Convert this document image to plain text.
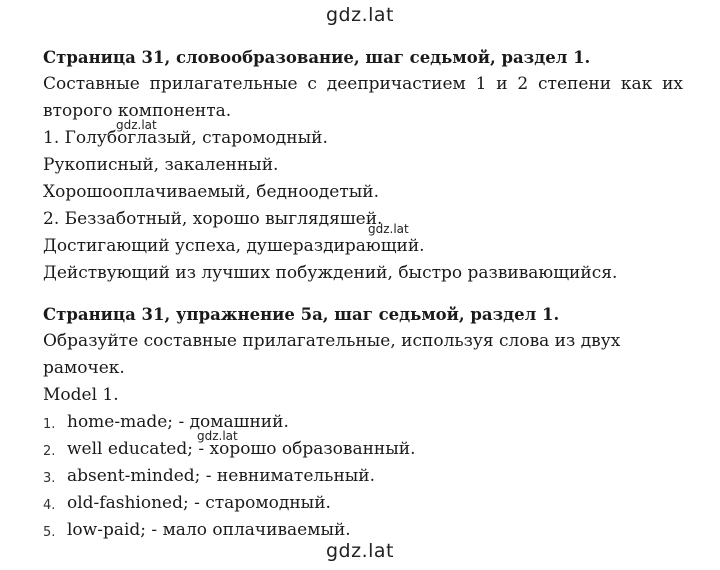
gdz.lat
Страница 31, словообразование, шаг седьмой, раздел 1.

Составные прилагательные с деепричастием 1 и 2 степени как их второго компонента.

1. Голубоглазый, старомодный.
Рукописный, закаленный.
Хорошооплачиваемый, бедноодетый.
2. Беззаботный, хорошо выглядяшей.
Достигающий успеха, душераздирающий.
Действующий из лучших побуждений, быстро развивающийся.
Страница 31, упражнение 5а, шаг седьмой, раздел 1.
Образуйте составные прилагательные, используя слова из двух рамочек.
Model 1.
1. home-made; - домашний.
2. well educated; - хорошо образованный.
3. absent-minded; - невнимательный.
4. old-fashioned; - старомодный.
5. low-paid; - мало оплачиваемый.
gdz.lat
gdz.lat
gdz.lat
gdz.lat
